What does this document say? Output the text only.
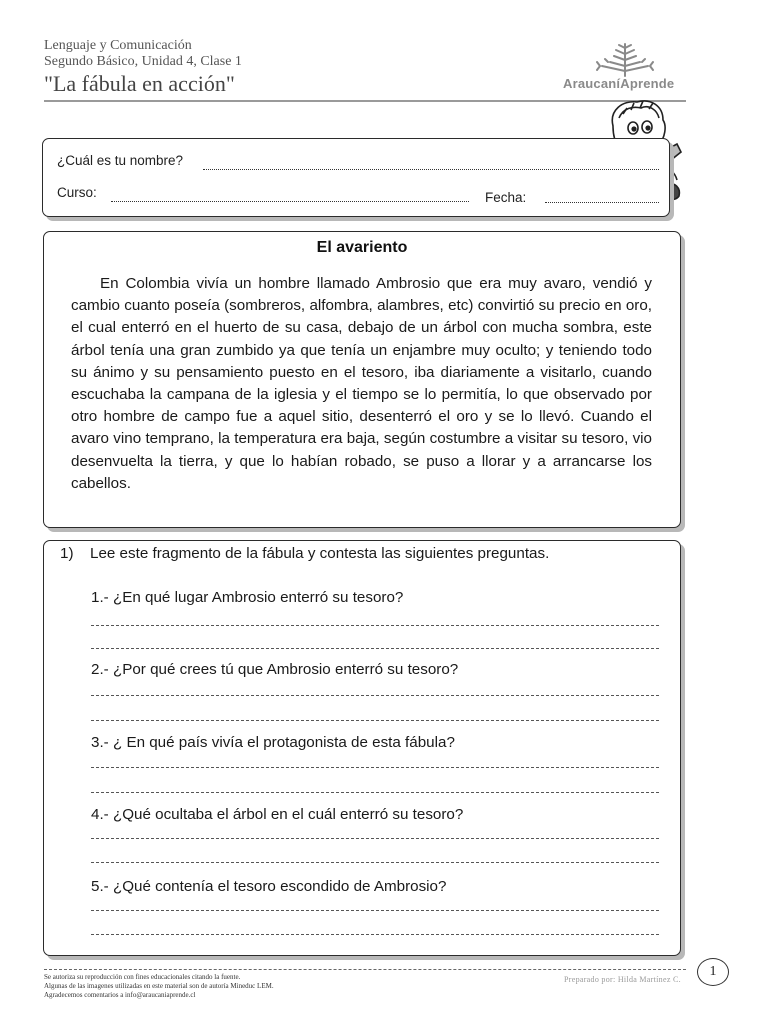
Lenguaje y Comunicación
Segundo Básico, Unidad 4, Clase 1
"La fábula en acción"	AraucaníAprende
¿Cuál es tu nombre?
Curso:	Fecha:
El avariento
En Colombia vivía un hombre llamado Ambrosio que era muy avaro, vendió y cambio cuanto poseía (sombreros, alfombra, alambres, etc) convirtió su precio en oro, el cual enterró en el huerto de su casa, debajo de un árbol con mucha sombra, este árbol tenía una gran zumbido ya que tenía un enjambre muy oculto; y teniendo todo su ánimo y su pensamiento puesto en el tesoro, iba diariamente a visitarlo, cuando escuchaba la campana de la iglesia y el tiempo se lo permitía, lo que observado por otro hombre de campo fue a aquel sitio, desenterró el oro y se lo llevó. Cuando el avaro vino temprano, la temperatura era baja, según costumbre a visitar su tesoro, vio desenvuelta la tierra, y que lo habían robado, se puso a llorar y a arrancarse los cabellos.
1) Lee este fragmento de la fábula y contesta las siguientes preguntas.
1.- ¿En qué lugar Ambrosio enterró su tesoro?
2.- ¿Por qué crees tú que Ambrosio enterró su tesoro?
3.- ¿ En qué país vivía el protagonista de esta fábula?
4.- ¿Qué ocultaba el árbol en el cuál enterró su tesoro?
5.- ¿Qué contenía el tesoro escondido de Ambrosio?
Se autoriza su reproducción con fines educacionales citando la fuente.
Algunas de las imagenes utilizadas en este material son de autoría Mineduc LEM.
Agradecemos comentarios a info@araucaniaprende.cl
Preparado por: Hilda Martínez C.
1
